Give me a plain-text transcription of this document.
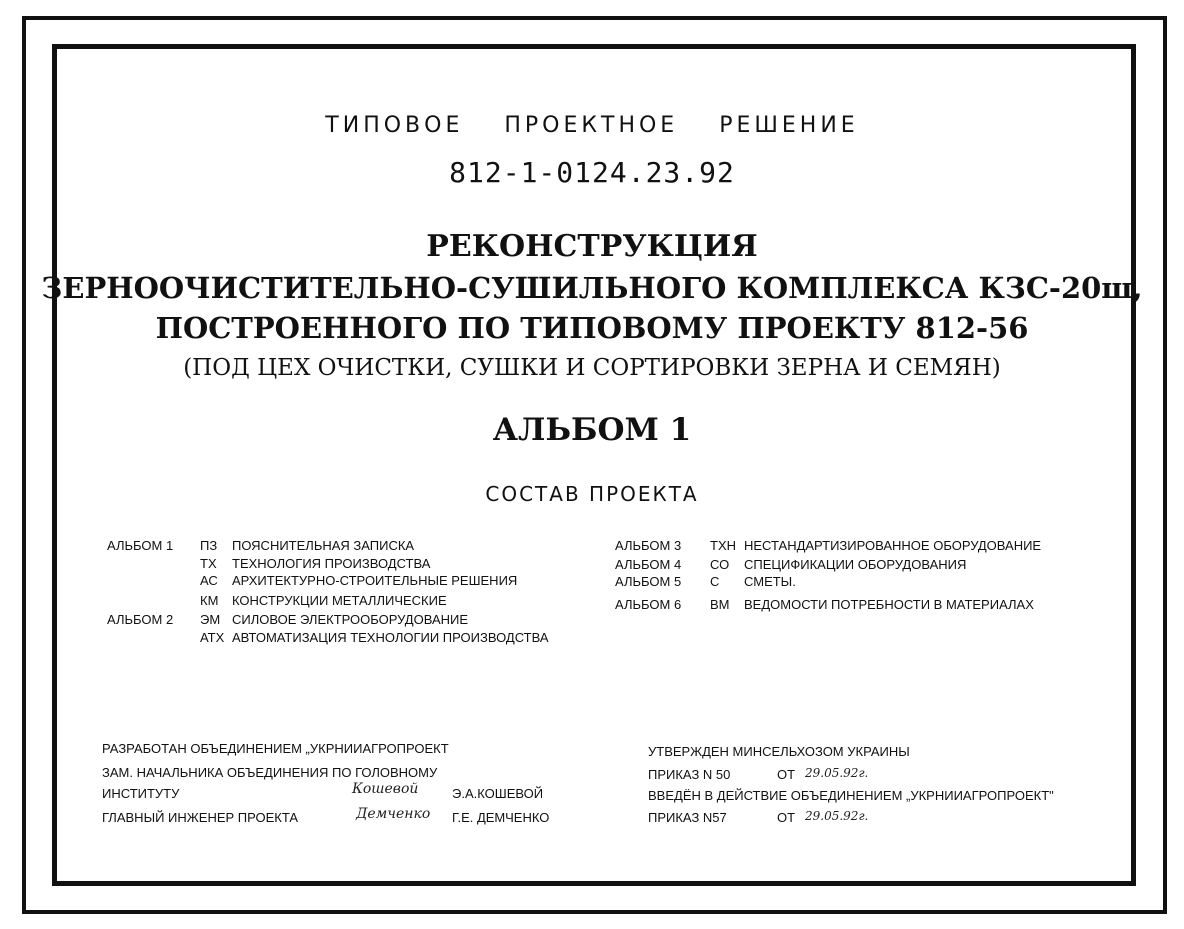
ТИПОВОЕ ПРОЕКТНОЕ РЕШЕНИЕ
812-1-0124.23.92
РЕКОНСТРУКЦИЯ
ЗЕРНООЧИСТИТЕЛЬНО-СУШИЛЬНОГО КОМПЛЕКСА КЗС-20ш,
ПОСТРОЕННОГО ПО ТИПОВОМУ ПРОЕКТУ 812-56
(ПОД ЦЕХ ОЧИСТКИ, СУШКИ И СОРТИРОВКИ ЗЕРНА И СЕМЯН)
АЛЬБОМ 1
СОСТАВ ПРОЕКТА
АЛЬБОМ 1 ПЗ ПОЯСНИТЕЛЬНАЯ ЗАПИСКА
ТХ ТЕХНОЛОГИЯ ПРОИЗВОДСТВА
АС АРХИТЕКТУРНО-СТРОИТЕЛЬНЫЕ РЕШЕНИЯ
КМ КОНСТРУКЦИИ МЕТАЛЛИЧЕСКИЕ
АЛЬБОМ 2 ЭМ СИЛОВОЕ ЭЛЕКТРООБОРУДОВАНИЕ
АТХ АВТОМАТИЗАЦИЯ ТЕХНОЛОГИИ ПРОИЗВОДСТВА
АЛЬБОМ 3 ТХН НЕСТАНДАРТИЗИРОВАННОЕ ОБОРУДОВАНИЕ
АЛЬБОМ 4 СО СПЕЦИФИКАЦИИ ОБОРУДОВАНИЯ
АЛЬБОМ 5 С СМЕТЫ.
АЛЬБОМ 6 ВМ ВЕДОМОСТИ ПОТРЕБНОСТИ В МАТЕРИАЛАХ
РАЗРАБОТАН ОБЪЕДИНЕНИЕМ „УКРНИИАГРОПРОЕКТ
ЗАМ. НАЧАЛЬНИКА ОБЪЕДИНЕНИЯ ПО ГОЛОВНОМУ
ИНСТИТУТУ	Кошевой	Э.А.КОШЕВОЙ
ГЛАВНЫЙ ИНЖЕНЕР ПРОЕКТА	Демченко Г.Е. ДЕМЧЕНКО
УТВЕРЖДЕН МИНСЕЛЬХОЗОМ УКРАИНЫ
ПРИКАЗ N 50	ОТ 29.05.92г.
ВВЕДЁН В ДЕЙСТВИЕ ОБЪЕДИНЕНИЕМ „УКРНИИАГРОПРОЕКТ"
ПРИКАЗ N57	ОТ 29.05.92г.
